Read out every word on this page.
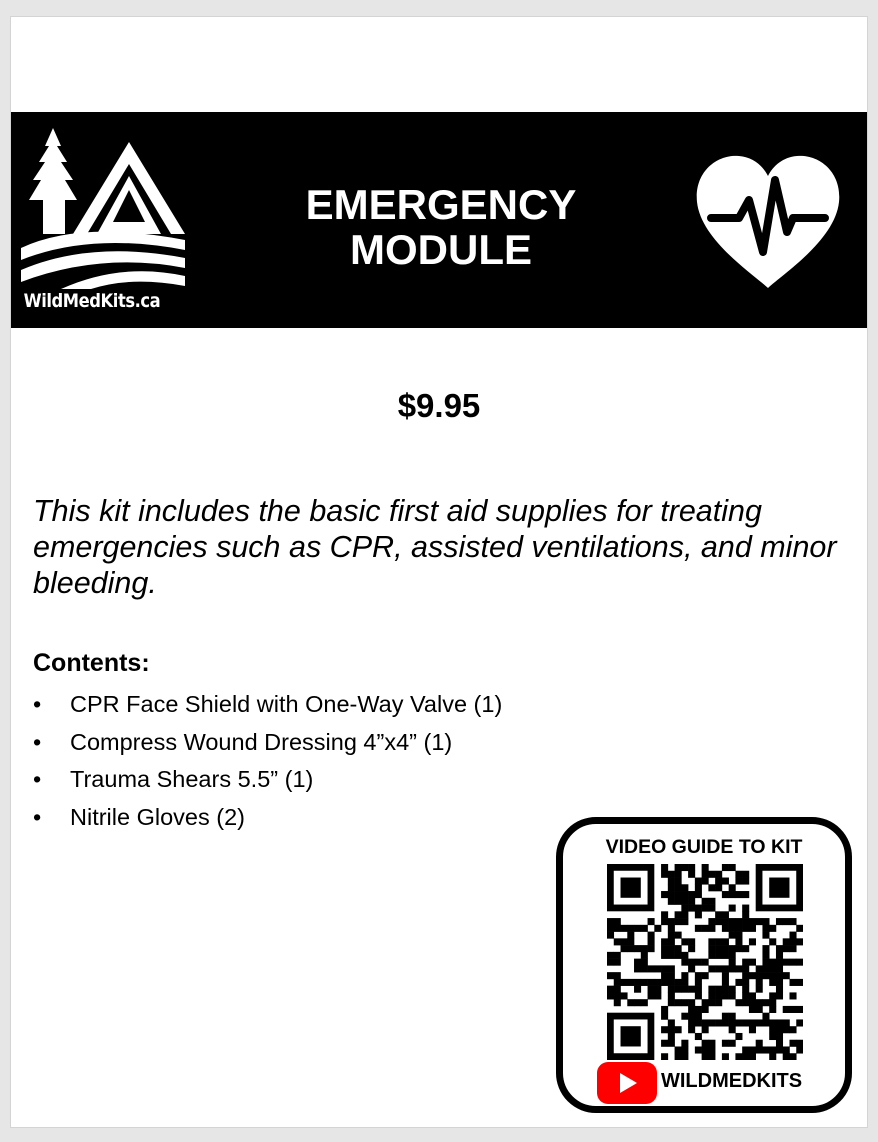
WildMedKits.ca
EMERGENCY
MODULE
$9.95
This kit includes the basic first aid supplies for treating emergencies such as CPR, assisted ventilations, and minor bleeding.
Contents:
• CPR Face Shield with One-Way Valve (1)
• Compress Wound Dressing 4”x4” (1)
• Trauma Shears 5.5” (1)
• Nitrile Gloves (2)
VIDEO GUIDE TO KIT
WILDMEDKITS
